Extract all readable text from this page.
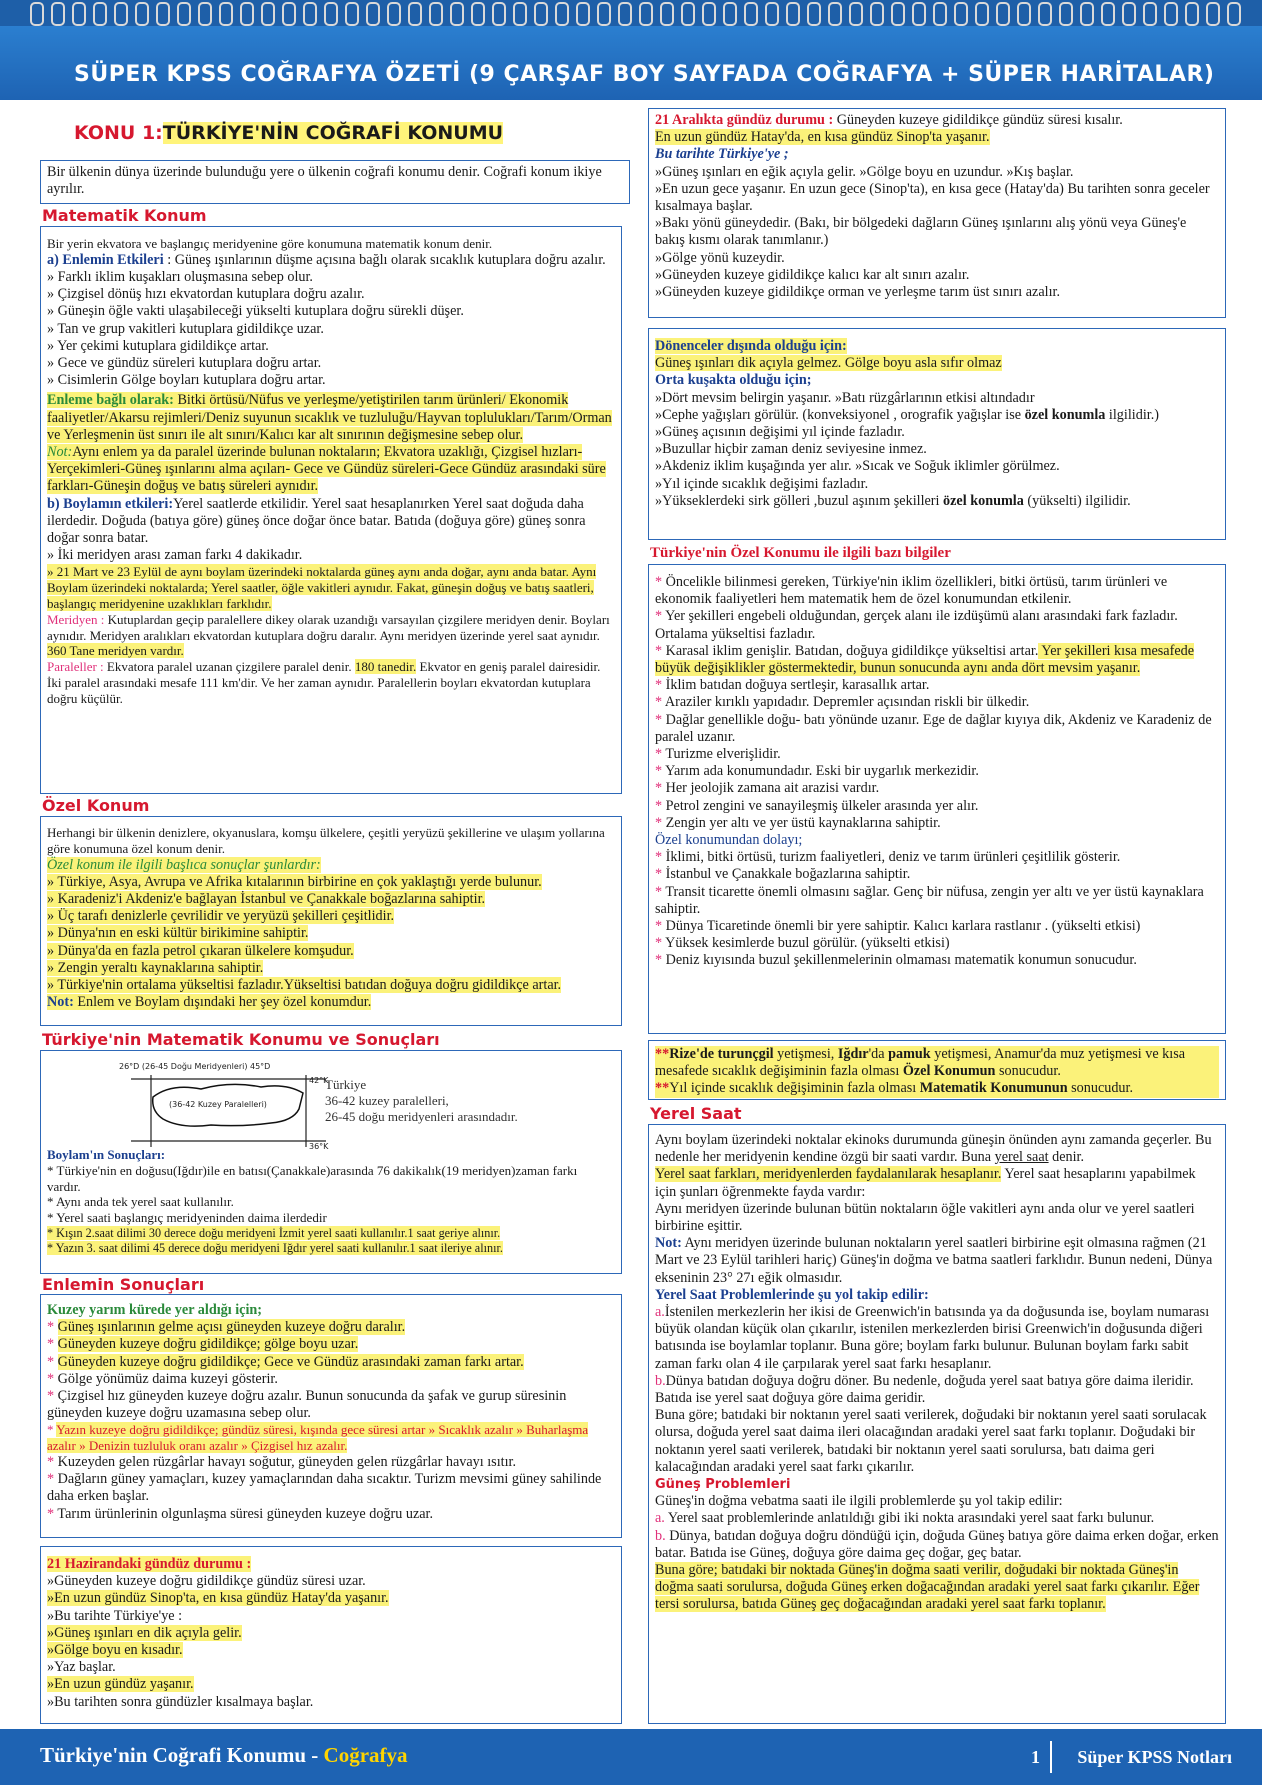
SÜPER KPSS COĞRAFYA ÖZETİ (9 ÇARŞAF BOY SAYFADA COĞRAFYA + SÜPER HARİTALAR)
KONU 1:TÜRKİYE'NİN COĞRAFİ KONUMU

Bir ülkenin dünya üzerinde bulunduğu yere o ülkenin coğrafi konumu denir. Coğrafi konum ikiye ayrılır.

Matematik Konum

Bir yerin ekvatora ve başlangıç meridyenine göre konumuna matematik konum denir.

a) Enlemin Etkileri : Güneş ışınlarının düşme açısına bağlı olarak sıcaklık kutuplara doğru azalır.

» Farklı iklim kuşakları oluşmasına sebep olur.

» Çizgisel dönüş hızı ekvatordan kutuplara doğru azalır.

» Güneşin öğle vakti ulaşabileceği yükselti kutuplara doğru sürekli düşer.

» Tan ve grup vakitleri kutuplara gidildikçe uzar.

» Yer çekimi kutuplara gidildikçe artar.

» Gece ve gündüz süreleri kutuplara doğru artar.

» Cisimlerin Gölge boyları kutuplara doğru artar.

Enleme bağlı olarak: Bitki örtüsü/Nüfus ve yerleşme/yetiştirilen tarım ürünleri/ Ekonomik faaliyetler/Akarsu rejimleri/Deniz suyunun sıcaklık ve tuzluluğu/Hayvan toplulukları/Tarım/Orman ve Yerleşmenin üst sınırı ile alt sınırı/Kalıcı kar alt sınırının değişmesine sebep olur.

Not:Aynı enlem ya da paralel üzerinde bulunan noktaların; Ekvatora uzaklığı, Çizgisel hızları-Yerçekimleri-Güneş ışınlarını alma açıları- Gece ve Gündüz süreleri-Gece Gündüz arasındaki süre farkları-Güneşin doğuş ve batış süreleri aynıdır.

b) Boylamın etkileri:Yerel saatlerde etkilidir. Yerel saat hesaplanırken Yerel saat doğuda daha ilerdedir. Doğuda (batıya göre) güneş önce doğar önce batar. Batıda (doğuya göre) güneş sonra doğar sonra batar.

» İki meridyen arası zaman farkı 4 dakikadır.

» 21 Mart ve 23 Eylül de aynı boylam üzerindeki noktalarda güneş aynı anda doğar, aynı anda batar. Aynı Boylam üzerindeki noktalarda; Yerel saatler, öğle vakitleri aynıdır. Fakat, güneşin doğuş ve batış saatleri, başlangıç meridyenine uzaklıkları farklıdır.

Meridyen : Kutuplardan geçip paralellere dikey olarak uzandığı varsayılan çizgilere meridyen denir. Boyları aynıdır. Meridyen aralıkları ekvatordan kutuplara doğru daralır. Aynı meridyen üzerinde yerel saat aynıdır. 360 Tane meridyen vardır.

Paraleller : Ekvatora paralel uzanan çizgilere paralel denir. 180 tanedir. Ekvator en geniş paralel dairesidir. İki paralel arasındaki mesafe 111 km'dir. Ve her zaman aynıdır. Paralellerin boyları ekvatordan kutuplara doğru küçülür.

Özel Konum

Herhangi bir ülkenin denizlere, okyanuslara, komşu ülkelere, çeşitli yeryüzü şekillerine ve ulaşım yollarına göre konumuna özel konum denir.

Özel konum ile ilgili başlıca sonuçlar şunlardır:

» Türkiye, Asya, Avrupa ve Afrika kıtalarının birbirine en çok yaklaştığı yerde bulunur.

» Karadeniz'i Akdeniz'e bağlayan İstanbul ve Çanakkale boğazlarına sahiptir.

» Üç tarafı denizlerle çevrilidir ve yeryüzü şekilleri çeşitlidir.

» Dünya'nın en eski kültür birikimine sahiptir.

» Dünya'da en fazla petrol çıkaran ülkelere komşudur.

» Zengin yeraltı kaynaklarına sahiptir.

» Türkiye'nin ortalama yükseltisi fazladır.Yükseltisi batıdan doğuya doğru gidildikçe artar.

Not: Enlem ve Boylam dışındaki her şey özel konumdur.

Türkiye'nin Matematik Konumu ve Sonuçları
26°D (26-45 Doğu Meridyenleri) 45°D
42°K
36°K
(36-42 Kuzey Paralelleri)
Türkiye
36-42 kuzey paralelleri,
26-45 doğu meridyenleri arasındadır.

Boylam'ın Sonuçları:

* Türkiye'nin en doğusu(Iğdır)ile en batısı(Çanakkale)arasında 76 dakikalık(19 meridyen)zaman farkı vardır.

* Aynı anda tek yerel saat kullanılır.

* Yerel saati başlangıç meridyeninden daima ilerdedir

* Kışın 2.saat dilimi 30 derece doğu meridyeni İzmit yerel saati kullanılır.1 saat geriye alınır.

* Yazın 3. saat dilimi 45 derece doğu meridyeni Iğdır yerel saati kullanılır.1 saat ileriye alınır.

Enlemin Sonuçları

Kuzey yarım kürede yer aldığı için;

* Güneş ışınlarının gelme açısı güneyden kuzeye doğru daralır.

* Güneyden kuzeye doğru gidildikçe; gölge boyu uzar.

* Güneyden kuzeye doğru gidildikçe; Gece ve Gündüz arasındaki zaman farkı artar.

* Gölge yönümüz daima kuzeyi gösterir.

* Çizgisel hız güneyden kuzeye doğru azalır. Bunun sonucunda da şafak ve gurup süresinin güneyden kuzeye doğru uzamasına sebep olur.

* Yazın kuzeye doğru gidildikçe; gündüz süresi, kışında gece süresi artar » Sıcaklık azalır » Buharlaşma azalır » Denizin tuzluluk oranı azalır » Çizgisel hız azalır.

* Kuzeyden gelen rüzgârlar havayı soğutur, güneyden gelen rüzgârlar havayı ısıtır.

* Dağların güney yamaçları, kuzey yamaçlarından daha sıcaktır. Turizm mevsimi güney sahilinde daha erken başlar.

* Tarım ürünlerinin olgunlaşma süresi güneyden kuzeye doğru uzar.

21 Hazirandaki gündüz durumu :

»Güneyden kuzeye doğru gidildikçe gündüz süresi uzar.

»En uzun gündüz Sinop'ta, en kısa gündüz Hatay'da yaşanır.

»Bu tarihte Türkiye'ye :

»Güneş ışınları en dik açıyla gelir.

»Gölge boyu en kısadır.

»Yaz başlar.

»En uzun gündüz yaşanır.

»Bu tarihten sonra gündüzler kısalmaya başlar.

21 Aralıkta gündüz durumu : Güneyden kuzeye gidildikçe gündüz süresi kısalır.

En uzun gündüz Hatay'da, en kısa gündüz Sinop'ta yaşanır.

Bu tarihte Türkiye'ye ;

»Güneş ışınları en eğik açıyla gelir. »Gölge boyu en uzundur. »Kış başlar.

»En uzun gece yaşanır. En uzun gece (Sinop'ta), en kısa gece (Hatay'da) Bu tarihten sonra geceler kısalmaya başlar.

»Bakı yönü güneydedir. (Bakı, bir bölgedeki dağların Güneş ışınlarını alış yönü veya Güneş'e bakış kısmı olarak tanımlanır.)

»Gölge yönü kuzeydir.

»Güneyden kuzeye gidildikçe kalıcı kar alt sınırı azalır.

»Güneyden kuzeye gidildikçe orman ve yerleşme tarım üst sınırı azalır.

Dönenceler dışında olduğu için:

Güneş ışınları dik açıyla gelmez. Gölge boyu asla sıfır olmaz

Orta kuşakta olduğu için;

»Dört mevsim belirgin yaşanır. »Batı rüzgârlarının etkisi altındadır

»Cephe yağışları görülür. (konveksiyonel , orografik yağışlar ise özel konumla ilgilidir.)

»Güneş açısının değişimi yıl içinde fazladır.

»Buzullar hiçbir zaman deniz seviyesine inmez.

»Akdeniz iklim kuşağında yer alır. »Sıcak ve Soğuk iklimler görülmez.

»Yıl içinde sıcaklık değişimi fazladır.

»Yükseklerdeki sirk gölleri ,buzul aşınım şekilleri özel konumla (yükselti) ilgilidir.

Türkiye'nin Özel Konumu ile ilgili bazı bilgiler

* Öncelikle bilinmesi gereken, Türkiye'nin iklim özellikleri, bitki örtüsü, tarım ürünleri ve ekonomik faaliyetleri hem matematik hem de özel konumundan etkilenir.

* Yer şekilleri engebeli olduğundan, gerçek alanı ile izdüşümü alanı arasındaki fark fazladır. Ortalama yükseltisi fazladır.

* Karasal iklim genişlir. Batıdan, doğuya gidildikçe yükseltisi artar. Yer şekilleri kısa mesafede büyük değişiklikler göstermektedir, bunun sonucunda aynı anda dört mevsim yaşanır.

* İklim batıdan doğuya sertleşir, karasallık artar.

* Araziler kırıklı yapıdadır. Depremler açısından riskli bir ülkedir.

* Dağlar genellikle doğu- batı yönünde uzanır. Ege de dağlar kıyıya dik, Akdeniz ve Karadeniz de paralel uzanır.

* Turizme elverişlidir.

* Yarım ada konumundadır. Eski bir uygarlık merkezidir.

* Her jeolojik zamana ait arazisi vardır.

* Petrol zengini ve sanayileşmiş ülkeler arasında yer alır.

* Zengin yer altı ve yer üstü kaynaklarına sahiptir.

Özel konumundan dolayı;

* İklimi, bitki örtüsü, turizm faaliyetleri, deniz ve tarım ürünleri çeşitlilik gösterir.

* İstanbul ve Çanakkale boğazlarına sahiptir.

* Transit ticarette önemli olmasını sağlar. Genç bir nüfusa, zengin yer altı ve yer üstü kaynaklara sahiptir.

* Dünya Ticaretinde önemli bir yere sahiptir. Kalıcı karlara rastlanır . (yükselti etkisi)

* Yüksek kesimlerde buzul görülür. (yükselti etkisi)

* Deniz kıyısında buzul şekillenmelerinin olmaması matematik konumun sonucudur.

**Rize'de turunçgil yetişmesi, Iğdır'da pamuk yetişmesi, Anamur'da muz yetişmesi ve kısa mesafede sıcaklık değişiminin fazla olması Özel Konumun sonucudur.

**Yıl içinde sıcaklık değişiminin fazla olması Matematik Konumunun sonucudur.

Yerel Saat

Aynı boylam üzerindeki noktalar ekinoks durumunda güneşin önünden aynı zamanda geçerler. Bu nedenle her meridyenin kendine özgü bir saati vardır. Buna yerel saat denir.

Yerel saat farkları, meridyenlerden faydalanılarak hesaplanır. Yerel saat hesaplarını yapabilmek için şunları öğrenmekte fayda vardır:

Aynı meridyen üzerinde bulunan bütün noktaların öğle vakitleri aynı anda olur ve yerel saatleri birbirine eşittir.

Not: Aynı meridyen üzerinde bulunan noktaların yerel saatleri birbirine eşit olmasına rağmen (21 Mart ve 23 Eylül tarihleri hariç) Güneş'in doğma ve batma saatleri farklıdır. Bunun nedeni, Dünya ekseninin 23° 27ı eğik olmasıdır.

Yerel Saat Problemlerinde şu yol takip edilir:

a.İstenilen merkezlerin her ikisi de Greenwich'in batısında ya da doğusunda ise, boylam numarası büyük olandan küçük olan çıkarılır, istenilen merkezlerden birisi Greenwich'in doğusunda diğeri batısında ise boylamlar toplanır. Buna göre; boylam farkı bulunur. Bulunan boylam farkı sabit zaman farkı olan 4 ile çarpılarak yerel saat farkı hesaplanır.

b.Dünya batıdan doğuya doğru döner. Bu nedenle, doğuda yerel saat batıya göre daima ileridir. Batıda ise yerel saat doğuya göre daima geridir.

Buna göre; batıdaki bir noktanın yerel saati verilerek, doğudaki bir noktanın yerel saati sorulacak olursa, doğuda yerel saat daima ileri olacağından aradaki yerel saat farkı toplanır. Doğudaki bir noktanın yerel saati verilerek, batıdaki bir noktanın yerel saati sorulursa, batı daima geri kalacağından aradaki yerel saat farkı çıkarılır.

Güneş Problemleri

Güneş'in doğma vebatma saati ile ilgili problemlerde şu yol takip edilir:

a. Yerel saat problemlerinde anlatıldığı gibi iki nokta arasındaki yerel saat farkı bulunur.

b. Dünya, batıdan doğuya doğru döndüğü için, doğuda Güneş batıya göre daima erken doğar, erken batar. Batıda ise Güneş, doğuya göre daima geç doğar, geç batar.

Buna göre; batıdaki bir noktada Güneş'in doğma saati verilir, doğudaki bir noktada Güneş'in doğma saati sorulursa, doğuda Güneş erken doğacağından aradaki yerel saat farkı çıkarılır. Eğer tersi sorulursa, batıda Güneş geç doğacağından aradaki yerel saat farkı toplanır.

Türkiye'nin Coğrafi Konumu - Coğrafya	1 Süper KPSS Notları
